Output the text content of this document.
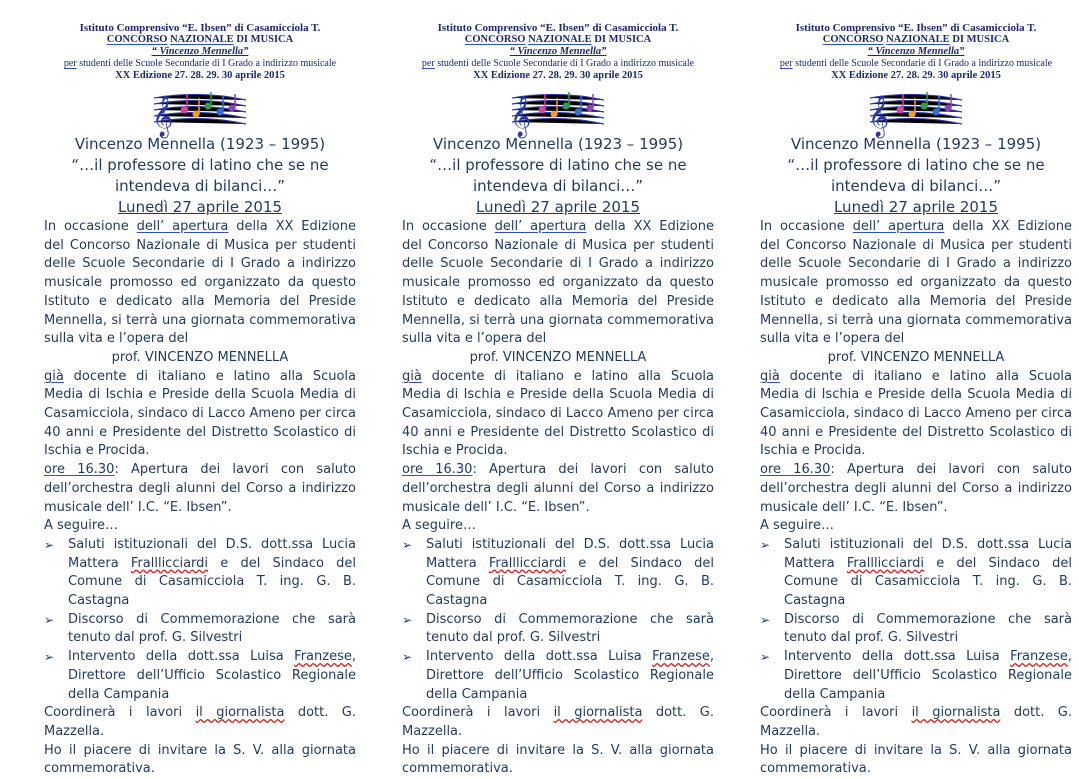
Istituto Comprensivo “E. Ibsen” di Casamicciola T.
CONCORSO NAZIONALE DI MUSICA
“ Vincenzo Mennella”
per studenti delle Scuole Secondarie di I Grado a indirizzo musicale
XX Edizione 27. 28. 29. 30 aprile 2015
𝄞
Vincenzo Mennella (1923 – 1995)
“…il professore di latino che se ne intendeva di bilanci…”
Lunedì 27 aprile 2015

In occasione dell’ apertura della XX Edizione del Concorso Nazionale di Musica per studenti delle Scuole Secondarie di I Grado a indirizzo musicale promosso ed organizzato da questo Istituto e dedicato alla Memoria del Preside Mennella, si terrà una giornata commemorativa sulla vita e l’opera del

prof. VINCENZO MENNELLA

già docente di italiano e latino alla Scuola Media di Ischia e Preside della Scuola Media di Casamicciola, sindaco di Lacco Ameno per circa 40 anni e Presidente del Distretto Scolastico di Ischia e Procida.

ore 16.30: Apertura dei lavori con saluto dell’orchestra degli alunni del Corso a indirizzo musicale dell’ I.C. “E. Ibsen”.

A seguire…

➢ Saluti istituzionali del D.S. dott.ssa Lucia Mattera Fralllicciardi e del Sindaco del Comune di Casamicciola T. ing. G. B. Castagna
➢ Discorso di Commemorazione che sarà tenuto dal prof. G. Silvestri
➢ Intervento della dott.ssa Luisa Franzese, Direttore dell’Ufficio Scolastico Regionale della Campania

Coordinerà i lavori il giornalista dott. G. Mazzella.

Ho il piacere di invitare la S. V. alla giornata commemorativa.

Istituto Comprensivo “E. Ibsen” di Casamicciola T.
CONCORSO NAZIONALE DI MUSICA
“ Vincenzo Mennella”
per studenti delle Scuole Secondarie di I Grado a indirizzo musicale
XX Edizione 27. 28. 29. 30 aprile 2015
𝄞
Vincenzo Mennella (1923 – 1995)
“…il professore di latino che se ne intendeva di bilanci…”
Lunedì 27 aprile 2015

In occasione dell’ apertura della XX Edizione del Concorso Nazionale di Musica per studenti delle Scuole Secondarie di I Grado a indirizzo musicale promosso ed organizzato da questo Istituto e dedicato alla Memoria del Preside Mennella, si terrà una giornata commemorativa sulla vita e l’opera del

prof. VINCENZO MENNELLA

già docente di italiano e latino alla Scuola Media di Ischia e Preside della Scuola Media di Casamicciola, sindaco di Lacco Ameno per circa 40 anni e Presidente del Distretto Scolastico di Ischia e Procida.

ore 16.30: Apertura dei lavori con saluto dell’orchestra degli alunni del Corso a indirizzo musicale dell’ I.C. “E. Ibsen”.

A seguire…

➢ Saluti istituzionali del D.S. dott.ssa Lucia Mattera Fralllicciardi e del Sindaco del Comune di Casamicciola T. ing. G. B. Castagna
➢ Discorso di Commemorazione che sarà tenuto dal prof. G. Silvestri
➢ Intervento della dott.ssa Luisa Franzese, Direttore dell’Ufficio Scolastico Regionale della Campania

Coordinerà i lavori il giornalista dott. G. Mazzella.

Ho il piacere di invitare la S. V. alla giornata commemorativa.

Istituto Comprensivo “E. Ibsen” di Casamicciola T.
CONCORSO NAZIONALE DI MUSICA
“ Vincenzo Mennella”
per studenti delle Scuole Secondarie di I Grado a indirizzo musicale
XX Edizione 27. 28. 29. 30 aprile 2015
𝄞
Vincenzo Mennella (1923 – 1995)
“…il professore di latino che se ne intendeva di bilanci…”
Lunedì 27 aprile 2015

In occasione dell’ apertura della XX Edizione del Concorso Nazionale di Musica per studenti delle Scuole Secondarie di I Grado a indirizzo musicale promosso ed organizzato da questo Istituto e dedicato alla Memoria del Preside Mennella, si terrà una giornata commemorativa sulla vita e l’opera del

prof. VINCENZO MENNELLA

già docente di italiano e latino alla Scuola Media di Ischia e Preside della Scuola Media di Casamicciola, sindaco di Lacco Ameno per circa 40 anni e Presidente del Distretto Scolastico di Ischia e Procida.

ore 16.30: Apertura dei lavori con saluto dell’orchestra degli alunni del Corso a indirizzo musicale dell’ I.C. “E. Ibsen”.

A seguire…

➢ Saluti istituzionali del D.S. dott.ssa Lucia Mattera Fralllicciardi e del Sindaco del Comune di Casamicciola T. ing. G. B. Castagna
➢ Discorso di Commemorazione che sarà tenuto dal prof. G. Silvestri
➢ Intervento della dott.ssa Luisa Franzese, Direttore dell’Ufficio Scolastico Regionale della Campania

Coordinerà i lavori il giornalista dott. G. Mazzella.

Ho il piacere di invitare la S. V. alla giornata commemorativa.
